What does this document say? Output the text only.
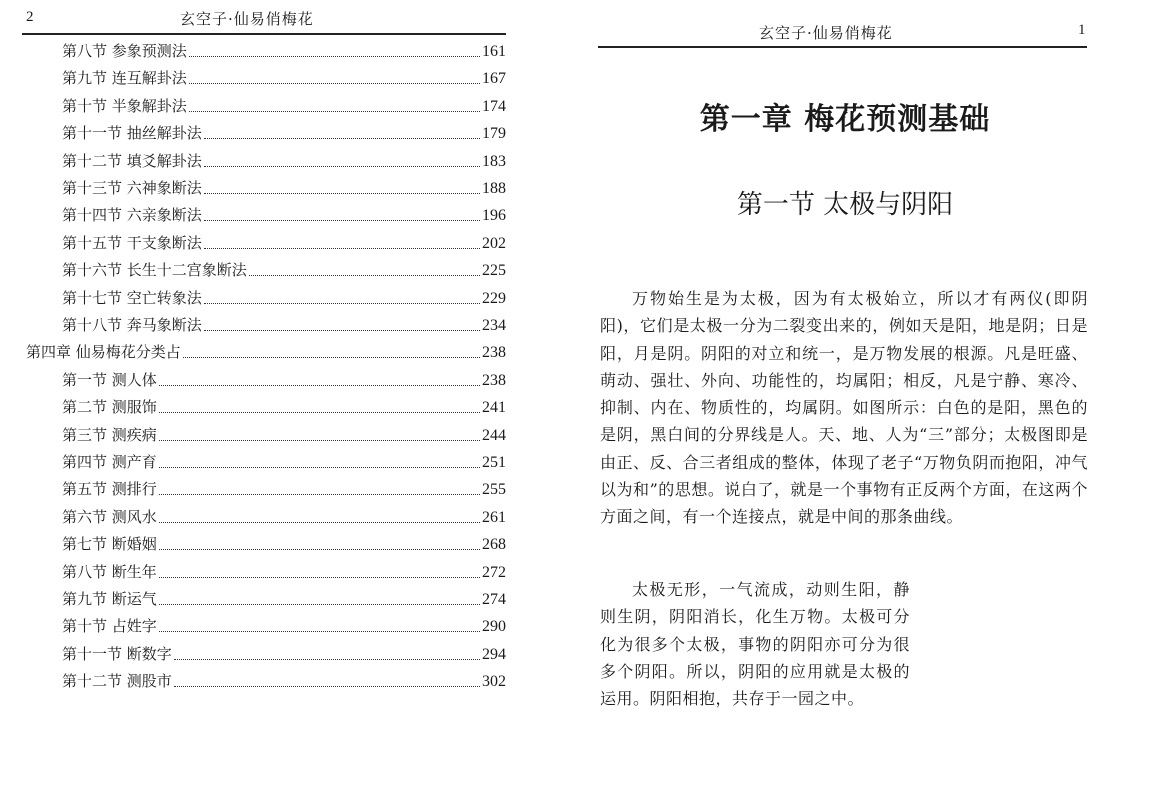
2	玄空子·仙易俏梅花
第八节 参象预测法	161
第九节 连互解卦法	167
第十节 半象解卦法	174
第十一节 抽丝解卦法	179
第十二节 填爻解卦法	183
第十三节 六神象断法	188
第十四节 六亲象断法	196
第十五节 干支象断法	202
第十六节 长生十二宫象断法	225
第十七节 空亡转象法	229
第十八节 奔马象断法	234
第四章 仙易梅花分类占	238
第一节 测人体	238
第二节 测服饰	241
第三节 测疾病	244
第四节 测产育	251
第五节 测排行	255
第六节 测风水	261
第七节 断婚姻	268
第八节 断生年	272
第九节 断运气	274
第十节 占姓字	290
第十一节 断数字	294
第十二节 测股市	302
玄空子·仙易俏梅花	1
第一章 梅花预测基础
第一节 太极与阴阳

万物始生是为太极，因为有太极始立，所以才有两仪(即阴阳)，它们是太极一分为二裂变出来的，例如天是阳，地是阴；日是阳，月是阴。阴阳的对立和统一，是万物发展的根源。凡是旺盛、萌动、强壮、外向、功能性的，均属阳；相反，凡是宁静、寒冷、抑制、内在、物质性的，均属阴。如图所示：白色的是阳，黑色的是阴，黑白间的分界线是人。天、地、人为“三”部分；太极图即是由正、反、合三者组成的整体，体现了老子“万物负阴而抱阳，冲气以为和”的思想。说白了，就是一个事物有正反两个方面，在这两个方面之间，有一个连接点，就是中间的那条曲线。

太极无形，一气流成，动则生阳，静则生阴，阴阳消长，化生万物。太极可分化为很多个太极，事物的阴阳亦可分为很多个阴阳。所以，阴阳的应用就是太极的运用。阴阳相抱，共存于一园之中。
